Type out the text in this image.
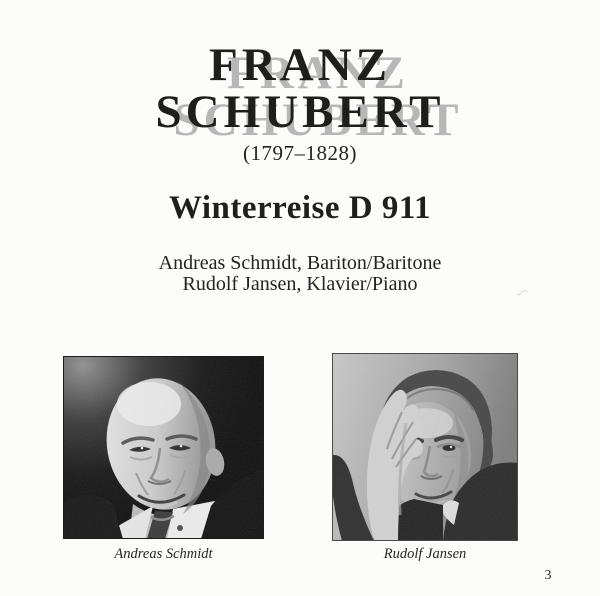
FRANZ
SCHUBERT
(1797–1828)
Winterreise D 911
Andreas Schmidt, Bariton/Baritone
Rudolf Jansen, Klavier/Piano
Andreas Schmidt	Rudolf Jansen
3
